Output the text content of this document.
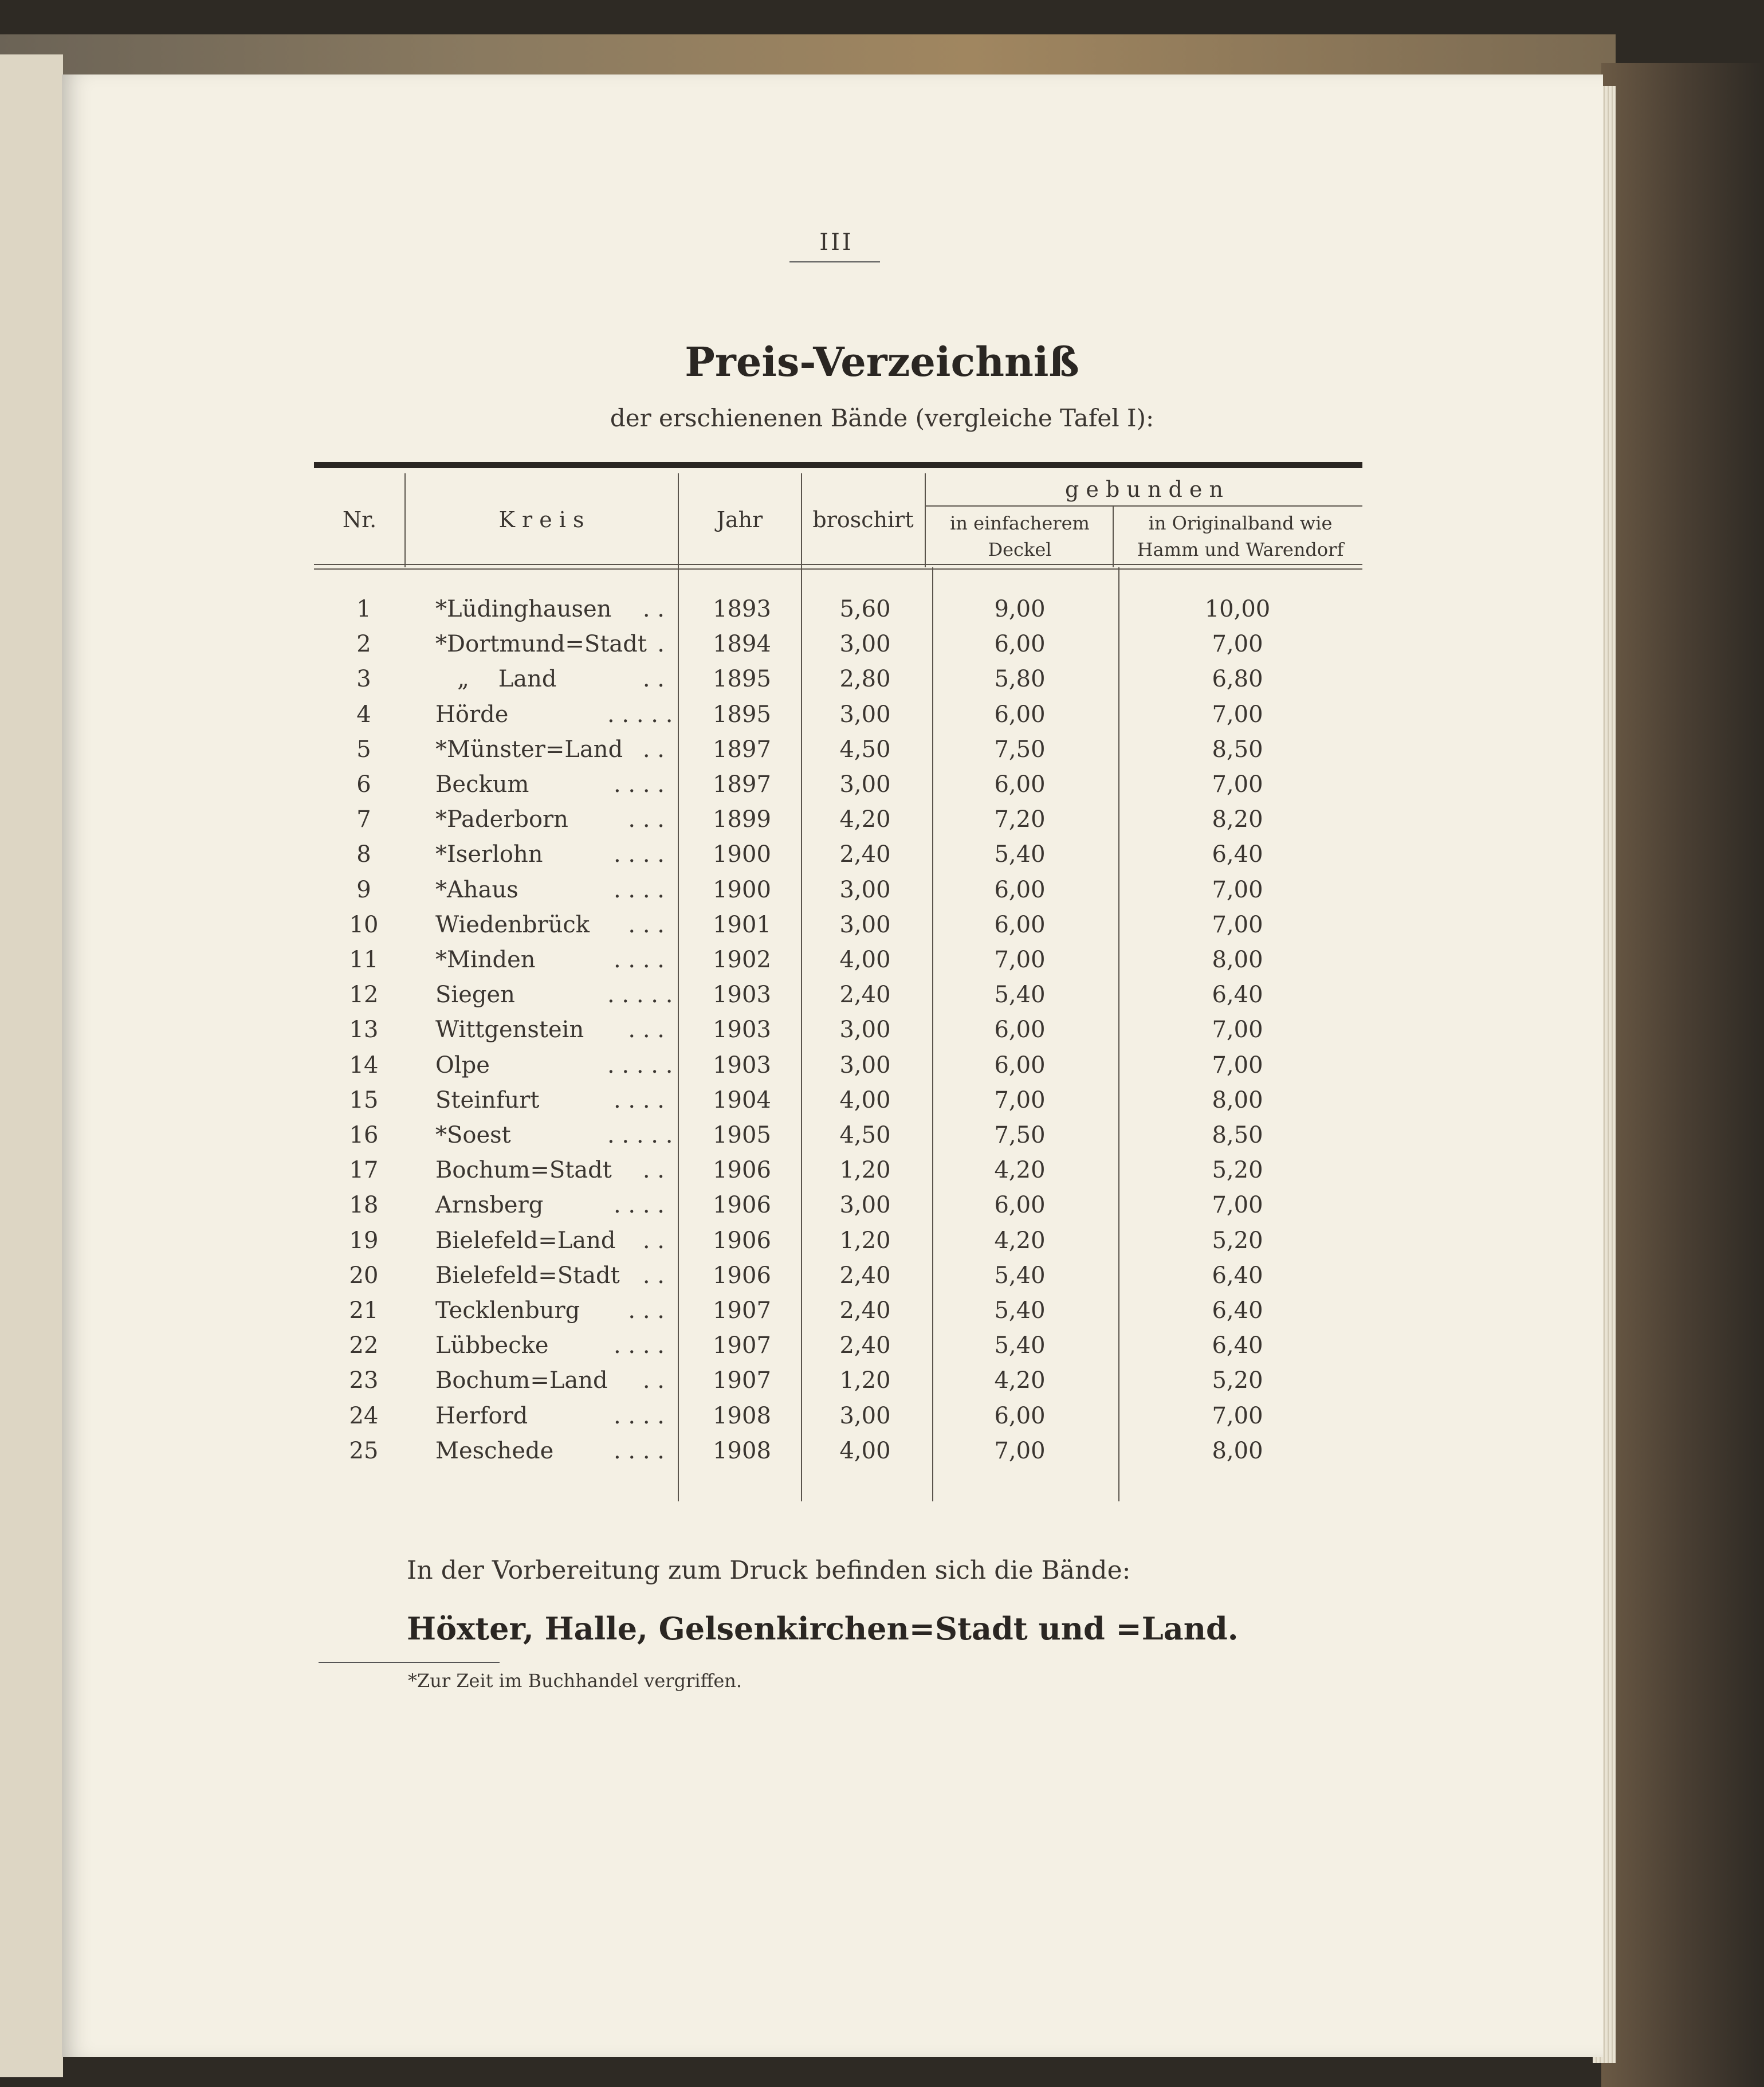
III
Preis-Verzeichniß
der erschienenen Bände (vergleiche Tafel I):
Nr.	K r e i s	Jahr	broschirt
g e b u n d e n
in einfacherem Deckel
in Originalband wie Hamm und Warendorf
1	*Lüdinghausen	. .	1893	5,60	9,00	10,00
2	*Dortmund=Stadt .	1894	3,00	6,00	7,00
3	„    Land	. .	1895	2,80	5,80	6,80
4	Hörde	. . . . .	1895	3,00	6,00	7,00
5	*Münster=Land . .	1897	4,50	7,50	8,50
6	Beckum	. . . .	1897	3,00	6,00	7,00
7	*Paderborn	. . .	1899	4,20	7,20	8,20
8	*Iserlohn	. . . .	1900	2,40	5,40	6,40
9	*Ahaus	. . . .	1900	3,00	6,00	7,00
10	Wiedenbrück	. . .	1901	3,00	6,00	7,00
11	*Minden	. . . .	1902	4,00	7,00	8,00
12	Siegen	. . . . .	1903	2,40	5,40	6,40
13	Wittgenstein	. . .	1903	3,00	6,00	7,00
14	Olpe	. . . . .	1903	3,00	6,00	7,00
15	Steinfurt	. . . .	1904	4,00	7,00	8,00
16	*Soest	. . . . .	1905	4,50	7,50	8,50
17	Bochum=Stadt	. .	1906	1,20	4,20	5,20
18	Arnsberg	. . . .	1906	3,00	6,00	7,00
19	Bielefeld=Land	. .	1906	1,20	4,20	5,20
20	Bielefeld=Stadt	. .	1906	2,40	5,40	6,40
21	Tecklenburg	. . .	1907	2,40	5,40	6,40
22	Lübbecke	. . . .	1907	2,40	5,40	6,40
23	Bochum=Land	. .	1907	1,20	4,20	5,20
24	Herford	. . . .	1908	3,00	6,00	7,00
25	Meschede	. . . .	1908	4,00	7,00	8,00
In der Vorbereitung zum Druck befinden sich die Bände:
Höxter, Halle, Gelsenkirchen=Stadt und =Land.
*Zur Zeit im Buchhandel vergriffen.
